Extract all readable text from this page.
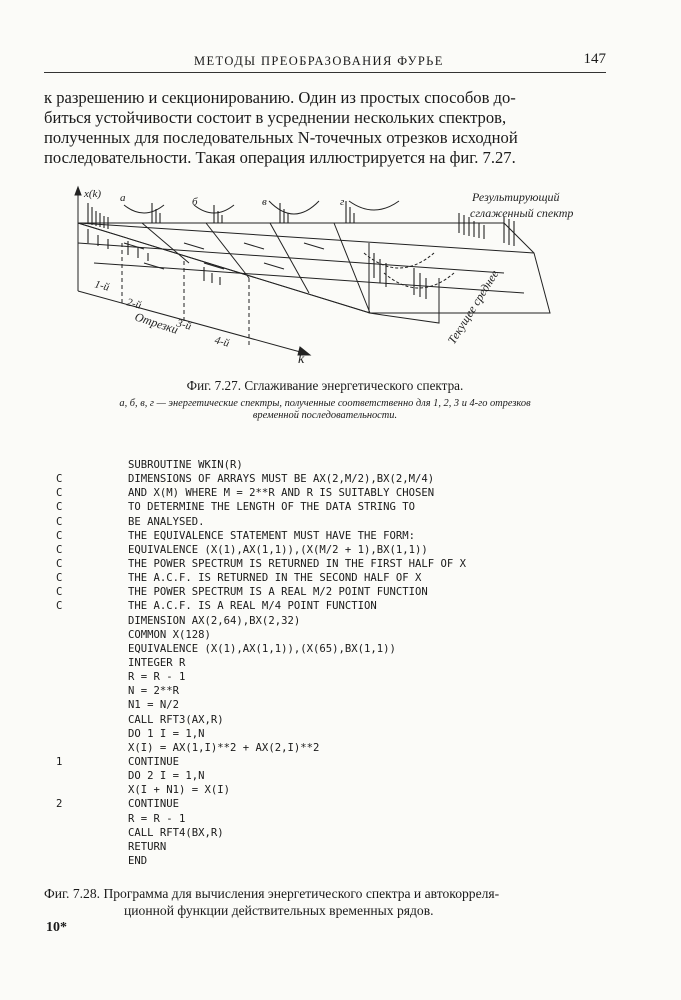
МЕТОДЫ ПРЕОБРАЗОВАНИЯ ФУРЬЕ	147

к разрешению и секционированию. Один из простых способов до-

биться устойчивости состоит в усреднении нескольких спектров,

полученных для последовательных N-точечных отрезков исходной

последовательности. Такая операция иллюстрируется на фиг. 7.27.

x(k)
k
а	б	в	г	Результирующий
сглаженный спектр
Текущее среднее
Отрезки
1-й
2-й
3-й
4-й
Фиг. 7.27. Сглаживание энергетического спектра.
а, б, в, г — энергетические спектры, полученные соответственно для 1, 2, 3 и 4-го отрезков
временной последовательности.
SUBROUTINE WKIN(R)
C	DIMENSIONS OF ARRAYS MUST BE AX(2,M/2),BX(2,M/4)
C	AND X(M) WHERE M = 2**R AND R IS SUITABLY CHOSEN
C	TO DETERMINE THE LENGTH OF THE DATA STRING TO
C	BE ANALYSED.
C	THE EQUIVALENCE STATEMENT MUST HAVE THE FORM:
C	EQUIVALENCE (X(1),AX(1,1)),(X(M/2 + 1),BX(1,1))
C	THE POWER SPECTRUM IS RETURNED IN THE FIRST HALF OF X
C	THE A.C.F. IS RETURNED IN THE SECOND HALF OF X
C	THE POWER SPECTRUM IS A REAL M/2 POINT FUNCTION
C	THE A.C.F. IS A REAL M/4 POINT FUNCTION
DIMENSION AX(2,64),BX(2,32)
COMMON X(128)
EQUIVALENCE (X(1),AX(1,1)),(X(65),BX(1,1))
INTEGER R
R = R - 1
N = 2**R
N1 = N/2
CALL RFT3(AX,R)
DO 1 I = 1,N
X(I) = AX(1,I)**2 + AX(2,I)**2
1	CONTINUE
DO 2 I = 1,N
X(I + N1) = X(I)
2	CONTINUE
R = R - 1
CALL RFT4(BX,R)
RETURN
END
Фиг. 7.28. Программа для вычисления энергетического спектра и автокорреля-
ционной функции действительных временных рядов.
10*
